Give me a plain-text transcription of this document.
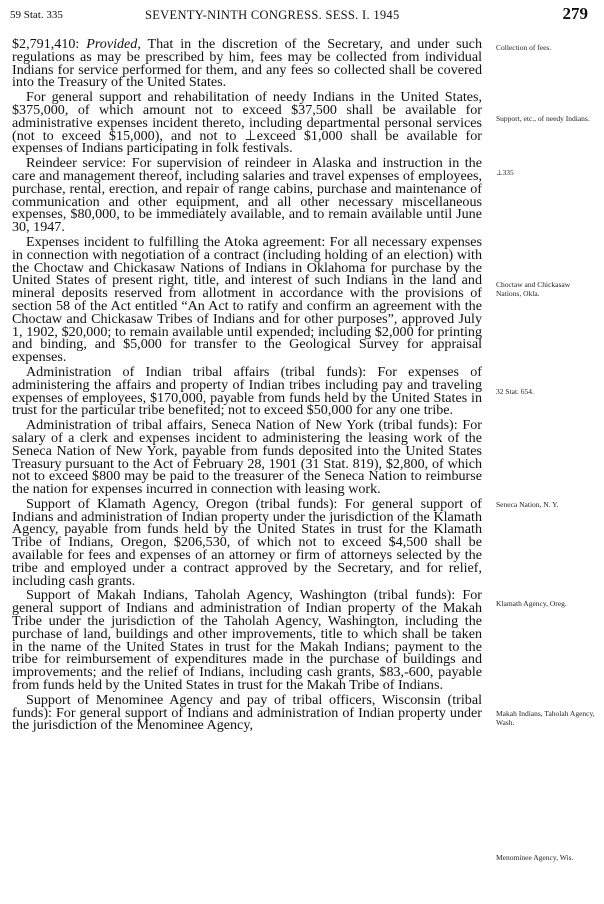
59 Stat. 335	SEVENTY-NINTH CONGRESS. SESS. I. 1945	279

$2,791,410: Provided, That in the discretion of the Secretary, and under such regulations as may be prescribed by him, fees may be collected from individual Indians for service performed for them, and any fees so collected shall be covered into the Treasury of the United States.

For general support and rehabilitation of needy Indians in the United States, $375,000, of which amount not to exceed $37,500 shall be available for administrative expenses incident thereto, including departmental personal services (not to exceed $15,000), and not to ⊥exceed $1,000 shall be available for expenses of Indians participating in folk festivals.

Reindeer service: For supervision of reindeer in Alaska and instruction in the care and management thereof, including salaries and travel expenses of employees, purchase, rental, erection, and repair of range cabins, purchase and maintenance of communication and other equipment, and all other necessary miscellaneous expenses, $80,000, to be immediately available, and to remain available until June 30, 1947.

Expenses incident to fulfilling the Atoka agreement: For all necessary expenses in connection with negotiation of a contract (including holding of an election) with the Choctaw and Chickasaw Nations of Indians in Oklahoma for purchase by the United States of present right, title, and interest of such Indians in the land and mineral deposits reserved from allotment in accordance with the provisions of section 58 of the Act entitled “An Act to ratify and confirm an agreement with the Choctaw and Chickasaw Tribes of Indians and for other purposes”, approved July 1, 1902, $20,000; to remain available until expended; including $2,000 for printing and binding, and $5,000 for transfer to the Geological Survey for appraisal expenses.

Administration of Indian tribal affairs (tribal funds): For expenses of administering the affairs and property of Indian tribes including pay and traveling expenses of employees, $170,000, payable from funds held by the United States in trust for the particular tribe benefited; not to exceed $50,000 for any one tribe.

Administration of tribal affairs, Seneca Nation of New York (tribal funds): For salary of a clerk and expenses incident to administering the leasing work of the Seneca Nation of New York, payable from funds deposited into the United States Treasury pursuant to the Act of February 28, 1901 (31 Stat. 819), $2,800, of which not to exceed $800 may be paid to the treasurer of the Seneca Nation to reimburse the nation for expenses incurred in connection with leasing work.

Support of Klamath Agency, Oregon (tribal funds): For general support of Indians and administration of Indian property under the jurisdiction of the Klamath Agency, payable from funds held by the United States in trust for the Klamath Tribe of Indians, Oregon, $206,530, of which not to exceed $4,500 shall be available for fees and expenses of an attorney or firm of attorneys selected by the tribe and employed under a contract approved by the Secretary, and for relief, including cash grants.

Support of Makah Indians, Taholah Agency, Washington (tribal funds): For general support of Indians and administration of Indian property of the Makah Tribe under the jurisdiction of the Taholah Agency, Washington, including the purchase of land, buildings and other improvements, title to which shall be taken in the name of the United States in trust for the Makah Indians; payment to the tribe for reimbursement of expenditures made in the purchase of buildings and improvements; and the relief of Indians, including cash grants, $83,-600, payable from funds held by the United States in trust for the Makah Tribe of Indians.

Support of Menominee Agency and pay of tribal officers, Wisconsin (tribal funds): For general support of Indians and administration of Indian property under the jurisdiction of the Menominee Agency,

Collection of fees.
Support, etc., of needy Indians.
⊥335
Choctaw and Chickasaw Nations, Okla.
32 Stat. 654.
Seneca Nation, N. Y.
Klamath Agency, Oreg.
Makah Indians, Taholah Agency, Wash.
Menominee Agency, Wis.
